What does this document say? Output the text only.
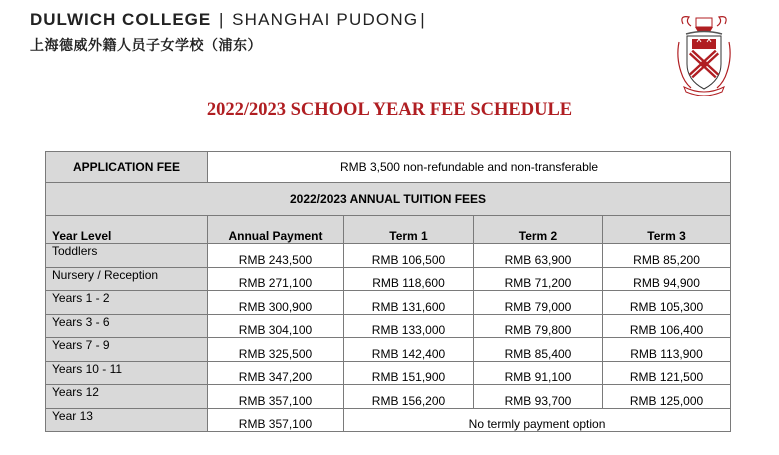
DULWICH COLLEGE | SHANGHAI PUDONG |
上海德威外籍人员子女学校（浦东）
2022/2023 SCHOOL YEAR FEE SCHEDULE
APPLICATION FEE	RMB 3,500 non-refundable and non-transferable			
2022/2023 ANNUAL TUITION FEES				
Year Level	Annual Payment	Term 1	Term 2	Term 3
Toddlers	RMB 243,500	RMB 106,500	RMB 63,900	RMB 85,200
Nursery / Reception	RMB 271,100	RMB 118,600	RMB 71,200	RMB 94,900
Years 1 - 2	RMB 300,900	RMB 131,600	RMB 79,000	RMB 105,300
Years 3 - 6	RMB 304,100	RMB 133,000	RMB 79,800	RMB 106,400
Years 7 - 9	RMB 325,500	RMB 142,400	RMB 85,400	RMB 113,900
Years 10 - 11	RMB 347,200	RMB 151,900	RMB 91,100	RMB 121,500
Years 12	RMB 357,100	RMB 156,200	RMB 93,700	RMB 125,000
Year 13	RMB 357,100	No termly payment option		
